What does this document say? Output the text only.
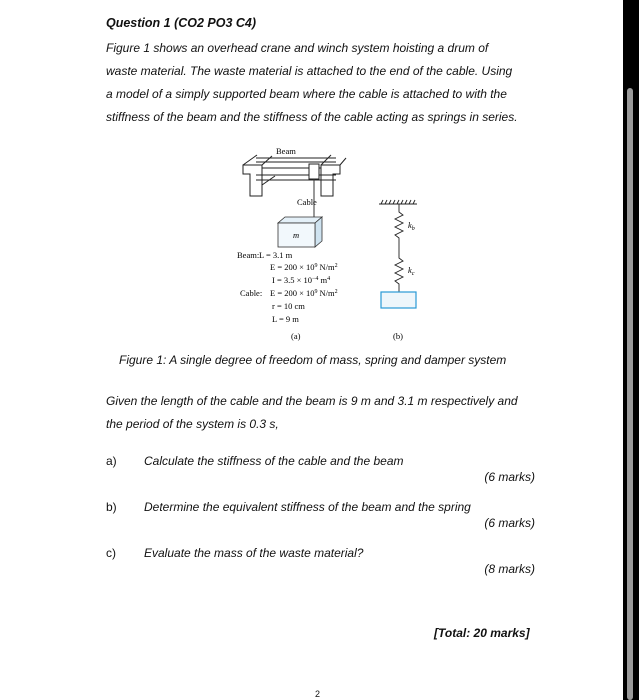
Question 1 (CO2 PO3 C4)
Figure 1 shows an overhead crane and winch system hoisting a drum of
waste material. The waste material is attached to the end of the cable. Using
a model of a simply supported beam where the cable is attached to with the
stiffness of the beam and the stiffness of the cable acting as springs in series.
Beam
Cable
m
Beam: L = 3.1 m
$E = 200 \times 10^9$ $N/m^2$
$I = 3.5 \times 10^{-4}$ $m^4$
Cable: $E = 200 \times 10^9$ $N/m^2$
r = 10 cm
L = 9 m
(a)
$k_b$
$k_c$
(b)
Figure 1: A single degree of freedom of mass, spring and damper system
Given the length of the cable and the beam is 9 m and 3.1 m respectively and
the period of the system is 0.3 s,
a) Calculate the stiffness of the cable and the beam
(6 marks)
b) Determine the equivalent stiffness of the beam and the spring
(6 marks)
c) Evaluate the mass of the waste material?
(8 marks)
[Total: 20 marks]
2
